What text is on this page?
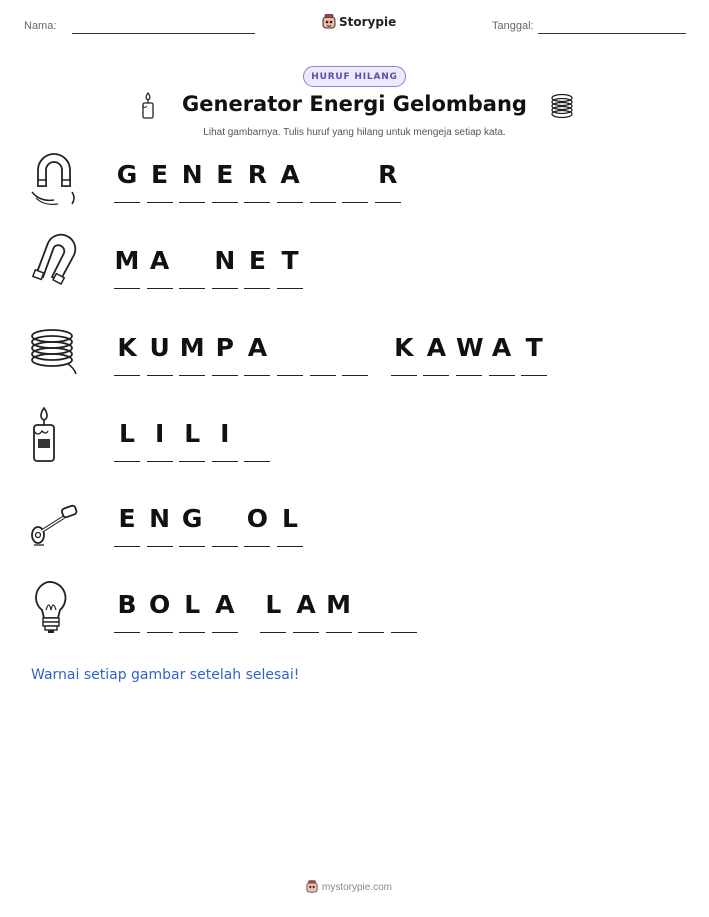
Nama:	Storypie	Tanggal:
HURUF HILANG
Generator Energi Gelombang
Lihat gambarnya. Tulis huruf yang hilang untuk mengeja setiap kata.
G E N E R A	R
M A N E T
K U M P A	K A W A T
L I L I
E N G O L
B O L A L A M
Warnai setiap gambar setelah selesai!
mystorypie.com
